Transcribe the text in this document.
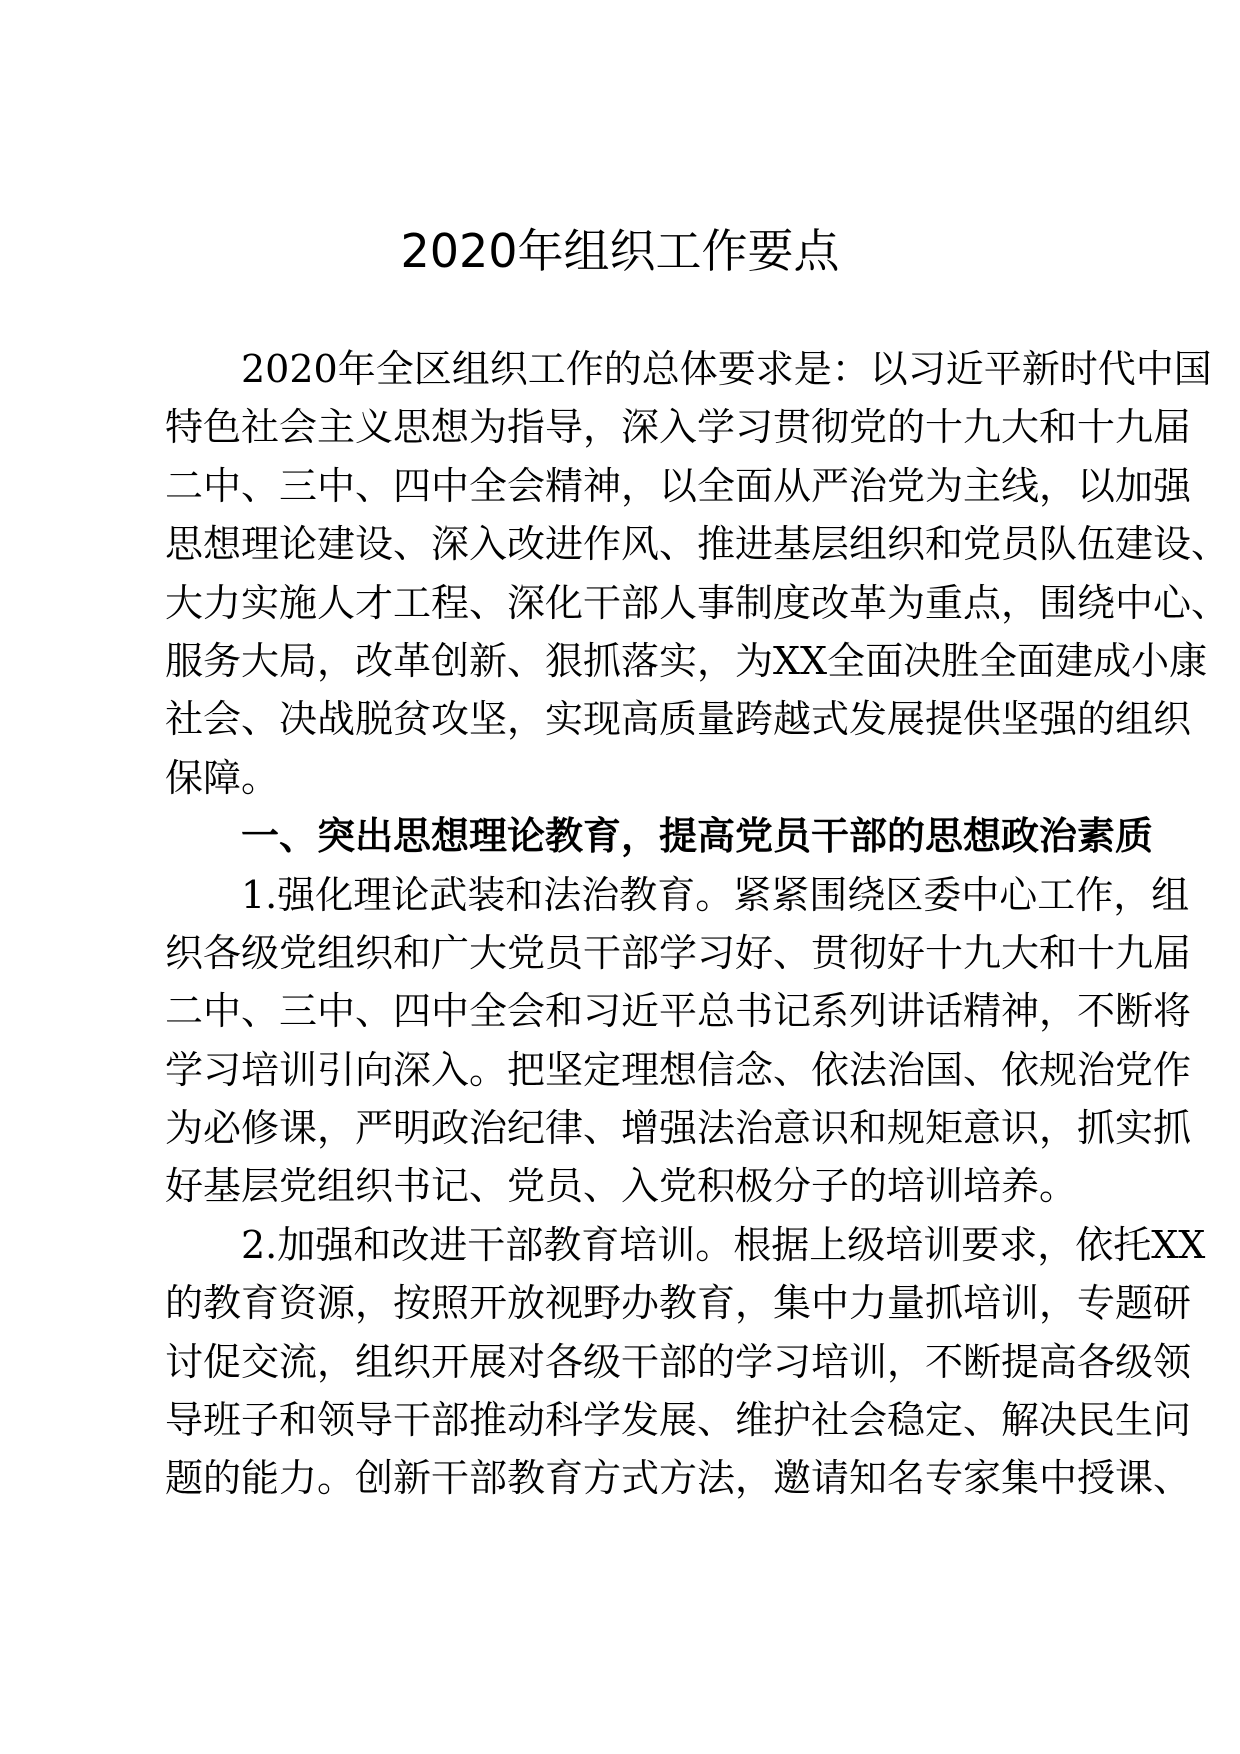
2020年组织工作要点
2020年全区组织工作的总体要求是：以习近平新时代中国
特色社会主义思想为指导，深入学习贯彻党的十九大和十九届
二中、三中、四中全会精神，以全面从严治党为主线，以加强
思想理论建设、深入改进作风、推进基层组织和党员队伍建设、
大力实施人才工程、深化干部人事制度改革为重点，围绕中心、
服务大局，改革创新、狠抓落实，为XX全面决胜全面建成小康
社会、决战脱贫攻坚，实现高质量跨越式发展提供坚强的组织
保障。
一、突出思想理论教育，提高党员干部的思想政治素质
1.强化理论武装和法治教育。紧紧围绕区委中心工作，组
织各级党组织和广大党员干部学习好、贯彻好十九大和十九届
二中、三中、四中全会和习近平总书记系列讲话精神，不断将
学习培训引向深入。把坚定理想信念、依法治国、依规治党作
为必修课，严明政治纪律、增强法治意识和规矩意识，抓实抓
好基层党组织书记、党员、入党积极分子的培训培养。
2.加强和改进干部教育培训。根据上级培训要求，依托XX
的教育资源，按照开放视野办教育，集中力量抓培训，专题研
讨促交流，组织开展对各级干部的学习培训，不断提高各级领
导班子和领导干部推动科学发展、维护社会稳定、解决民生问
题的能力。创新干部教育方式方法，邀请知名专家集中授课、
